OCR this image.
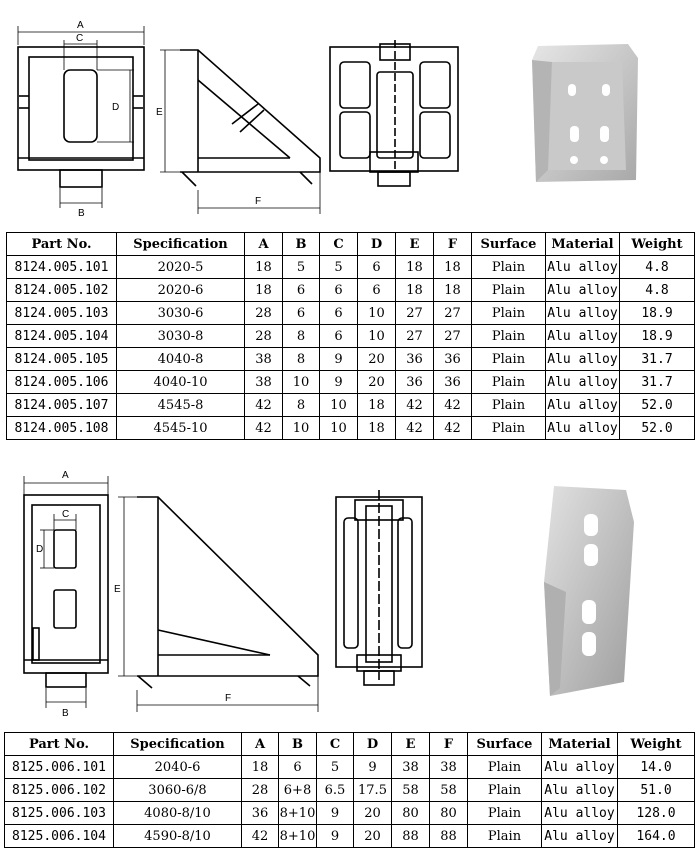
A
C
D
B
E
F
A
C
D
B
E
F
Part No.	Specification	A	B	C	D	E	F	Surface	Material	Weight
8124.005.101	2020-5	18	5	5	6	18	18	Plain	Alu alloy	4.8
8124.005.102	2020-6	18	6	6	6	18	18	Plain	Alu alloy	4.8
8124.005.103	3030-6	28	6	6	10	27	27	Plain	Alu alloy	18.9
8124.005.104	3030-8	28	8	6	10	27	27	Plain	Alu alloy	18.9
8124.005.105	4040-8	38	8	9	20	36	36	Plain	Alu alloy	31.7
8124.005.106	4040-10	38	10	9	20	36	36	Plain	Alu alloy	31.7
8124.005.107	4545-8	42	8	10	18	42	42	Plain	Alu alloy	52.0
8124.005.108	4545-10	42	10	10	18	42	42	Plain	Alu alloy	52.0
Part No.	Specification	A	B	C	D	E	F	Surface	Material	Weight
8125.006.101	2040-6	18	6	5	9	38	38	Plain	Alu alloy	14.0
8125.006.102	3060-6/8	28	6+8	6.5	17.5	58	58	Plain	Alu alloy	51.0
8125.006.103	4080-8/10	36	8+10	9	20	80	80	Plain	Alu alloy	128.0
8125.006.104	4590-8/10	42	8+10	9	20	88	88	Plain	Alu alloy	164.0
